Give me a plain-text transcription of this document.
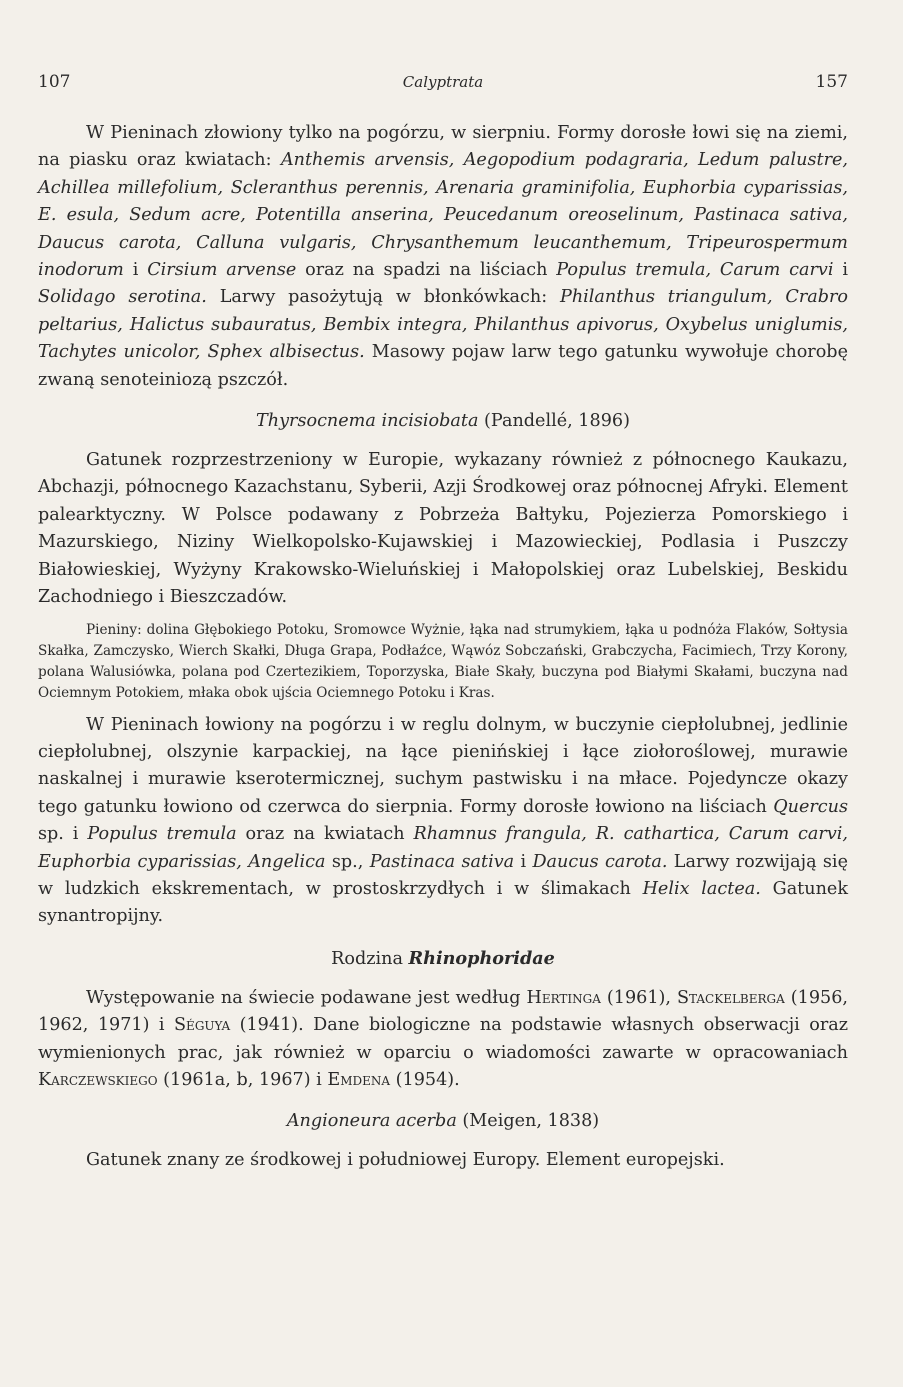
107	Calyptrata	157

W Pieninach złowiony tylko na pogórzu, w sierpniu. Formy dorosłe łowi się na ziemi, na piasku oraz kwiatach: Anthemis arvensis, Aegopodium podagraria, Ledum palustre, Achillea millefolium, Scleranthus perennis, Arenaria graminifolia, Euphorbia cyparissias, E. esula, Sedum acre, Potentilla anserina, Peucedanum oreoselinum, Pastinaca sativa, Daucus carota, Calluna vulgaris, Chrysanthemum leucanthemum, Tripeurospermum inodorum i Cirsium arvense oraz na spadzi na liściach Populus tremula, Carum carvi i Solidago serotina. Larwy pasożytują w błonkówkach: Philanthus triangulum, Crabro peltarius, Halictus subauratus, Bembix integra, Philanthus apivorus, Oxybelus uniglumis, Tachytes unicolor, Sphex albisectus. Masowy pojaw larw tego gatunku wywołuje chorobę zwaną senoteiniozą pszczół.

Thyrsocnema incisiobata (Pandellé, 1896)

Gatunek rozprzestrzeniony w Europie, wykazany również z północnego Kaukazu, Abchazji, północnego Kazachstanu, Syberii, Azji Środkowej oraz północnej Afryki. Element palearktyczny. W Polsce podawany z Pobrzeża Bałtyku, Pojezierza Pomorskiego i Mazurskiego, Niziny Wielkopolsko-Kujawskiej i Mazowieckiej, Podlasia i Puszczy Białowieskiej, Wyżyny Krakowsko-Wieluńskiej i Małopolskiej oraz Lubelskiej, Beskidu Zachodniego i Bieszczadów.

Pieniny: dolina Głębokiego Potoku, Sromowce Wyżnie, łąka nad strumykiem, łąka u podnóża Flaków, Sołtysia Skałka, Zamczysko, Wierch Skałki, Długa Grapa, Podłaźce, Wąwóz Sobczański, Grabczycha, Facimiech, Trzy Korony, polana Walusiówka, polana pod Czertezikiem, Toporzyska, Białe Skały, buczyna pod Białymi Skałami, buczyna nad Ociemnym Potokiem, młaka obok ujścia Ociemnego Potoku i Kras.

W Pieninach łowiony na pogórzu i w reglu dolnym, w buczynie ciepłolubnej, jedlinie ciepłolubnej, olszynie karpackiej, na łące pienińskiej i łące ziołoroślowej, murawie naskalnej i murawie kserotermicznej, suchym pastwisku i na młace. Pojedyncze okazy tego gatunku łowiono od czerwca do sierpnia. Formy dorosłe łowiono na liściach Quercus sp. i Populus tremula oraz na kwiatach Rhamnus frangula, R. cathartica, Carum carvi, Euphorbia cyparissias, Angelica sp., Pastinaca sativa i Daucus carota. Larwy rozwijają się w ludzkich ekskrementach, w prostoskrzydłych i w ślimakach Helix lactea. Gatunek synantropijny.

Rodzina Rhinophoridae

Występowanie na świecie podawane jest według Hertinga (1961), Stackelberga (1956, 1962, 1971) i Séguya (1941). Dane biologiczne na podstawie własnych obserwacji oraz wymienionych prac, jak również w oparciu o wiadomości zawarte w opracowaniach Karczewskiego (1961a, b, 1967) i Emdena (1954).

Angioneura acerba (Meigen, 1838)

Gatunek znany ze środkowej i południowej Europy. Element europejski.
